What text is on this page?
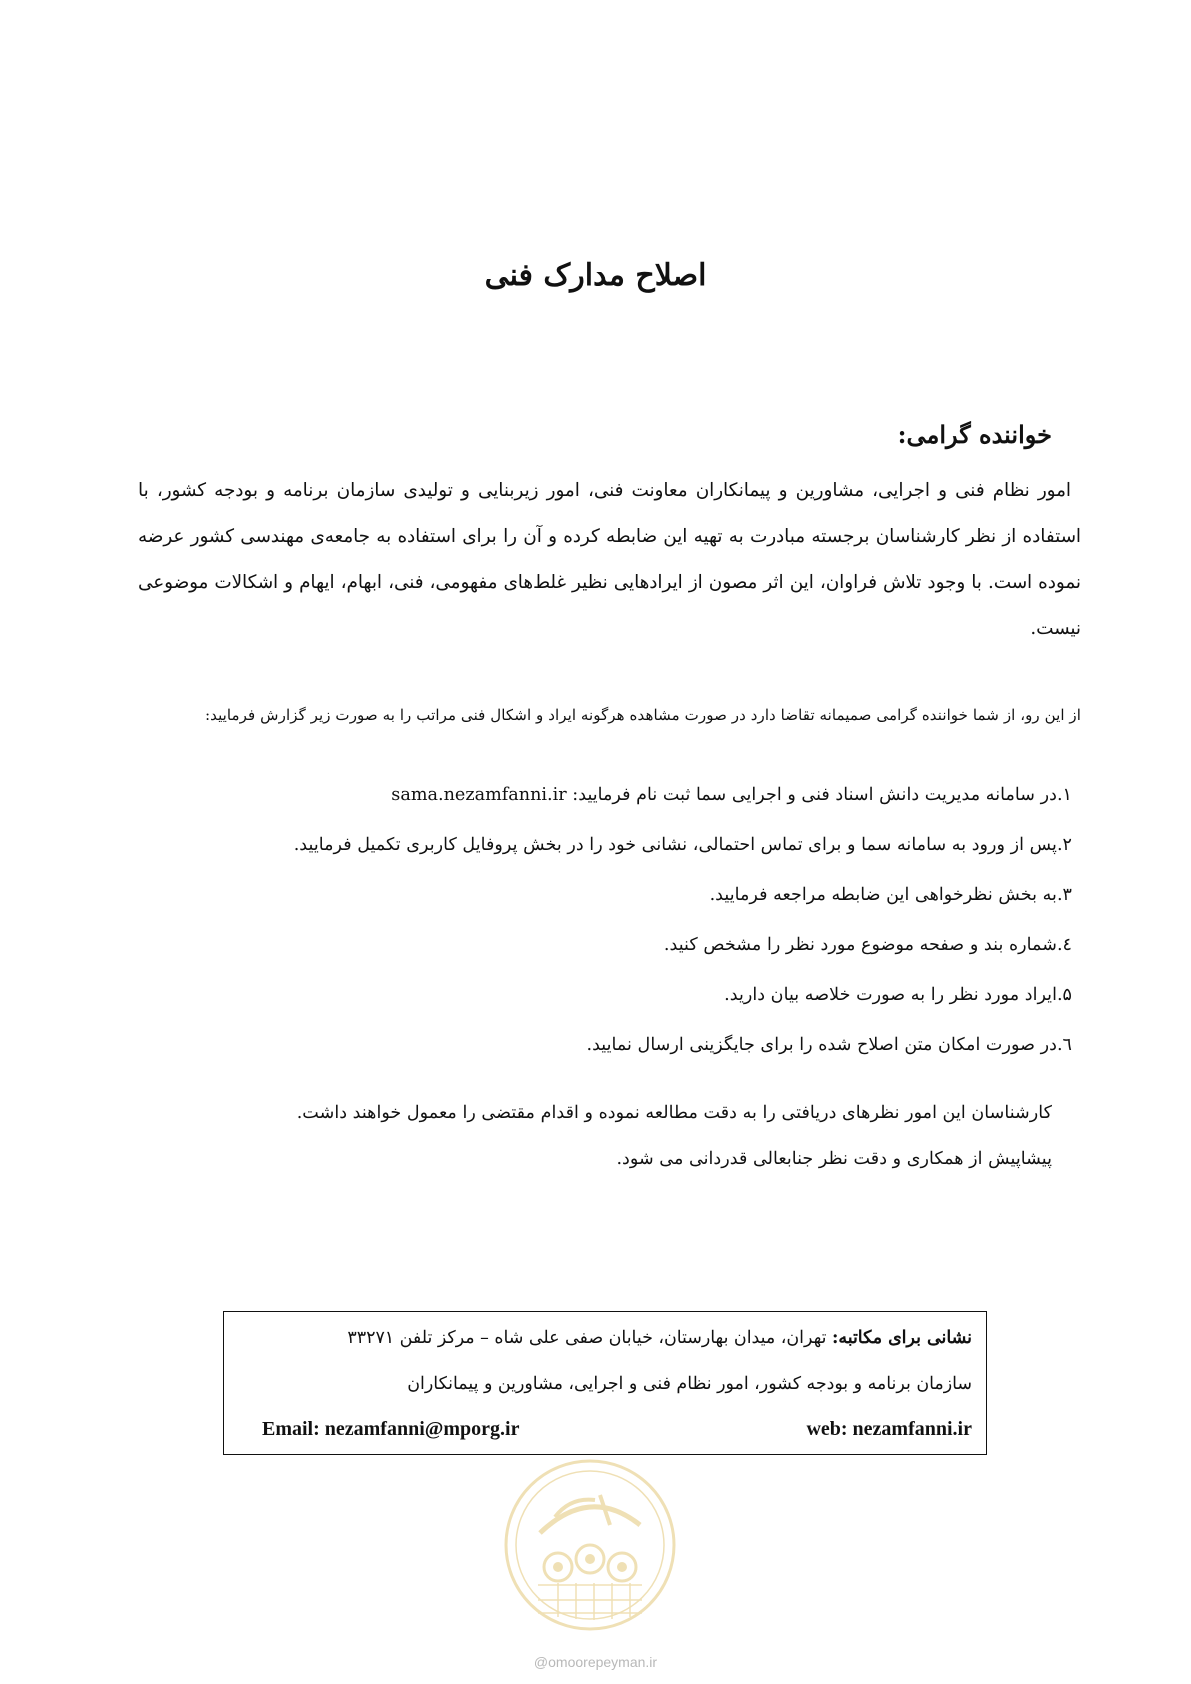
اصلاح مدارک فنی
خواننده گرامی:

امور نظام فنی و اجرایی، مشاورین و پیمانکاران معاونت فنی، امور زیربنایی و تولیدی سازمان برنامه و بودجه کشور، با استفاده از نظر کارشناسان برجسته مبادرت به تهیه این ضابطه کرده و آن را برای استفاده به جامعه‌ی مهندسی کشور عرضه نموده است. با وجود تلاش فراوان، این اثر مصون از ایرادهایی نظیر غلط‌های مفهومی، فنی، ابهام، ایهام و اشکالات موضوعی نیست.

از این رو، از شما خواننده گرامی صمیمانه تقاضا دارد در صورت مشاهده هرگونه ایراد و اشکال فنی مراتب را به صورت زیر گزارش فرمایید:

۱.در سامانه مدیریت دانش اسناد فنی و اجرایی سما ثبت نام فرمایید: sama.nezamfanni.ir
۲.پس از ورود به سامانه سما و برای تماس احتمالی، نشانی خود را در بخش پروفایل کاربری تکمیل فرمایید.
۳.به بخش نظرخواهی این ضابطه مراجعه فرمایید.
٤.شماره بند و صفحه موضوع مورد نظر را مشخص کنید.
۵.ایراد مورد نظر را به صورت خلاصه بیان دارید.
٦.در صورت امکان متن اصلاح شده را برای جایگزینی ارسال نمایید.
کارشناسان این امور نظرهای دریافتی را به دقت مطالعه نموده و اقدام مقتضی را معمول خواهند داشت.
پیشاپیش از همکاری و دقت نظر جنابعالی قدردانی می شود.
نشانی برای مکاتبه: تهران، میدان بهارستان، خیابان صفی علی شاه – مرکز تلفن ۳۳۲۷۱
سازمان برنامه و بودجه کشور، امور نظام فنی و اجرایی، مشاورین و پیمانکاران
Email: nezamfanni@mporg.ir	web: nezamfanni.ir
@omoorepeyman.ir
